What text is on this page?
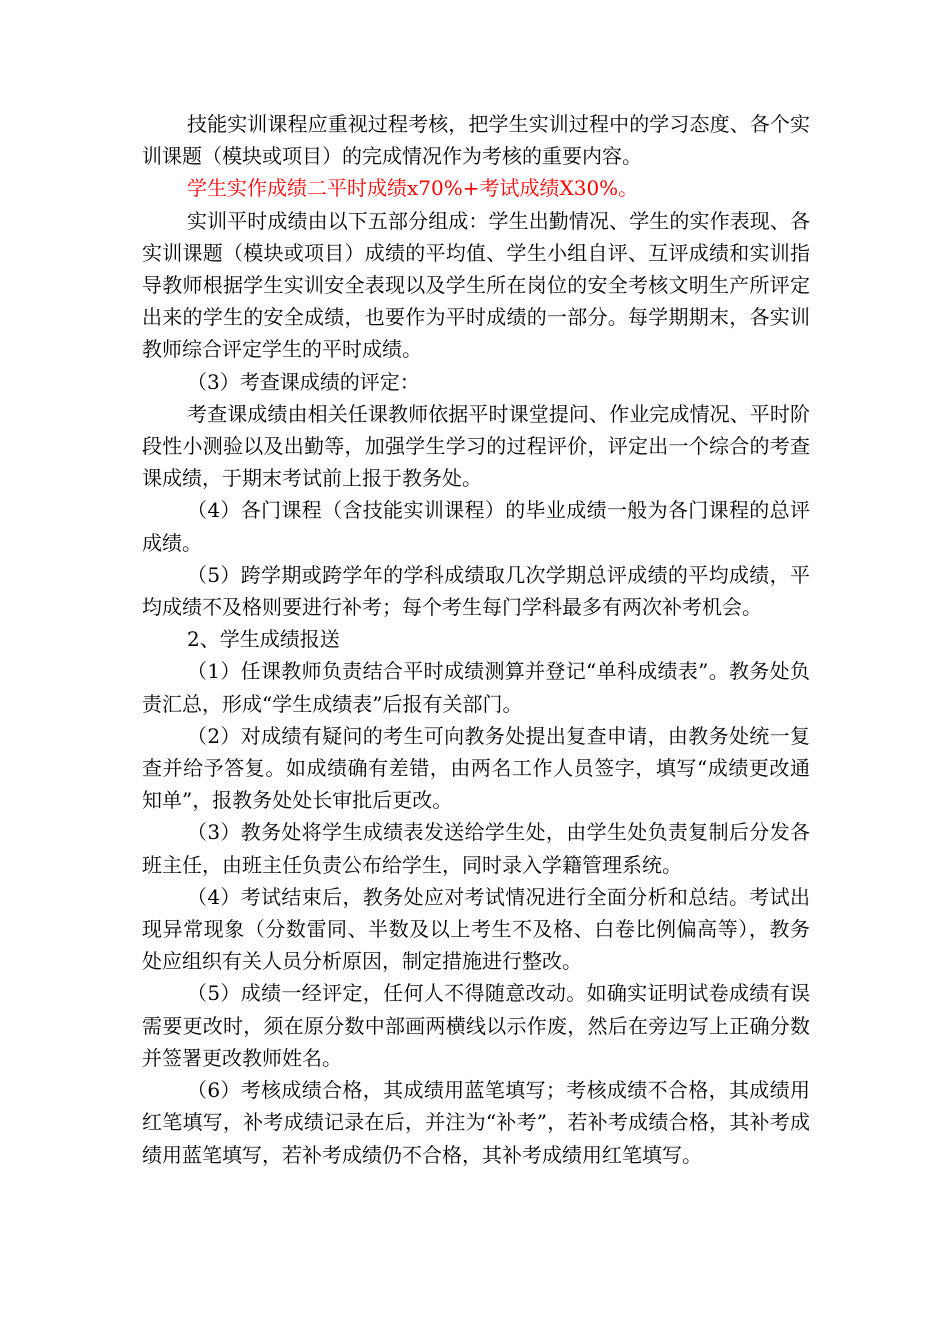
技能实训课程应重视过程考核，把学生实训过程中的学习态度、各个实训课题（模块或项目）的完成情况作为考核的重要内容。

学生实作成绩二平时成绩x70%+考试成绩X30%。

实训平时成绩由以下五部分组成：学生出勤情况、学生的实作表现、各实训课题（模块或项目）成绩的平均值、学生小组自评、互评成绩和实训指导教师根据学生实训安全表现以及学生所在岗位的安全考核文明生产所评定出来的学生的安全成绩，也要作为平时成绩的一部分。每学期期末，各实训教师综合评定学生的平时成绩。

（3）考查课成绩的评定：

考查课成绩由相关任课教师依据平时课堂提问、作业完成情况、平时阶段性小测验以及出勤等，加强学生学习的过程评价，评定出一个综合的考查课成绩，于期末考试前上报于教务处。

（4）各门课程（含技能实训课程）的毕业成绩一般为各门课程的总评成绩。

（5）跨学期或跨学年的学科成绩取几次学期总评成绩的平均成绩，平均成绩不及格则要进行补考；每个考生每门学科最多有两次补考机会。

2、学生成绩报送

（1）任课教师负责结合平时成绩测算并登记“单科成绩表”。教务处负责汇总，形成“学生成绩表”后报有关部门。

（2）对成绩有疑问的考生可向教务处提出复查申请，由教务处统一复查并给予答复。如成绩确有差错，由两名工作人员签字，填写“成绩更改通知单”，报教务处处长审批后更改。

（3）教务处将学生成绩表发送给学生处，由学生处负责复制后分发各班主任，由班主任负责公布给学生，同时录入学籍管理系统。

（4）考试结束后，教务处应对考试情况进行全面分析和总结。考试出现异常现象（分数雷同、半数及以上考生不及格、白卷比例偏高等），教务处应组织有关人员分析原因，制定措施进行整改。

（5）成绩一经评定，任何人不得随意改动。如确实证明试卷成绩有误需要更改时，须在原分数中部画两横线以示作废，然后在旁边写上正确分数并签署更改教师姓名。

（6）考核成绩合格，其成绩用蓝笔填写；考核成绩不合格，其成绩用红笔填写，补考成绩记录在后，并注为“补考”，若补考成绩合格，其补考成绩用蓝笔填写，若补考成绩仍不合格，其补考成绩用红笔填写。
